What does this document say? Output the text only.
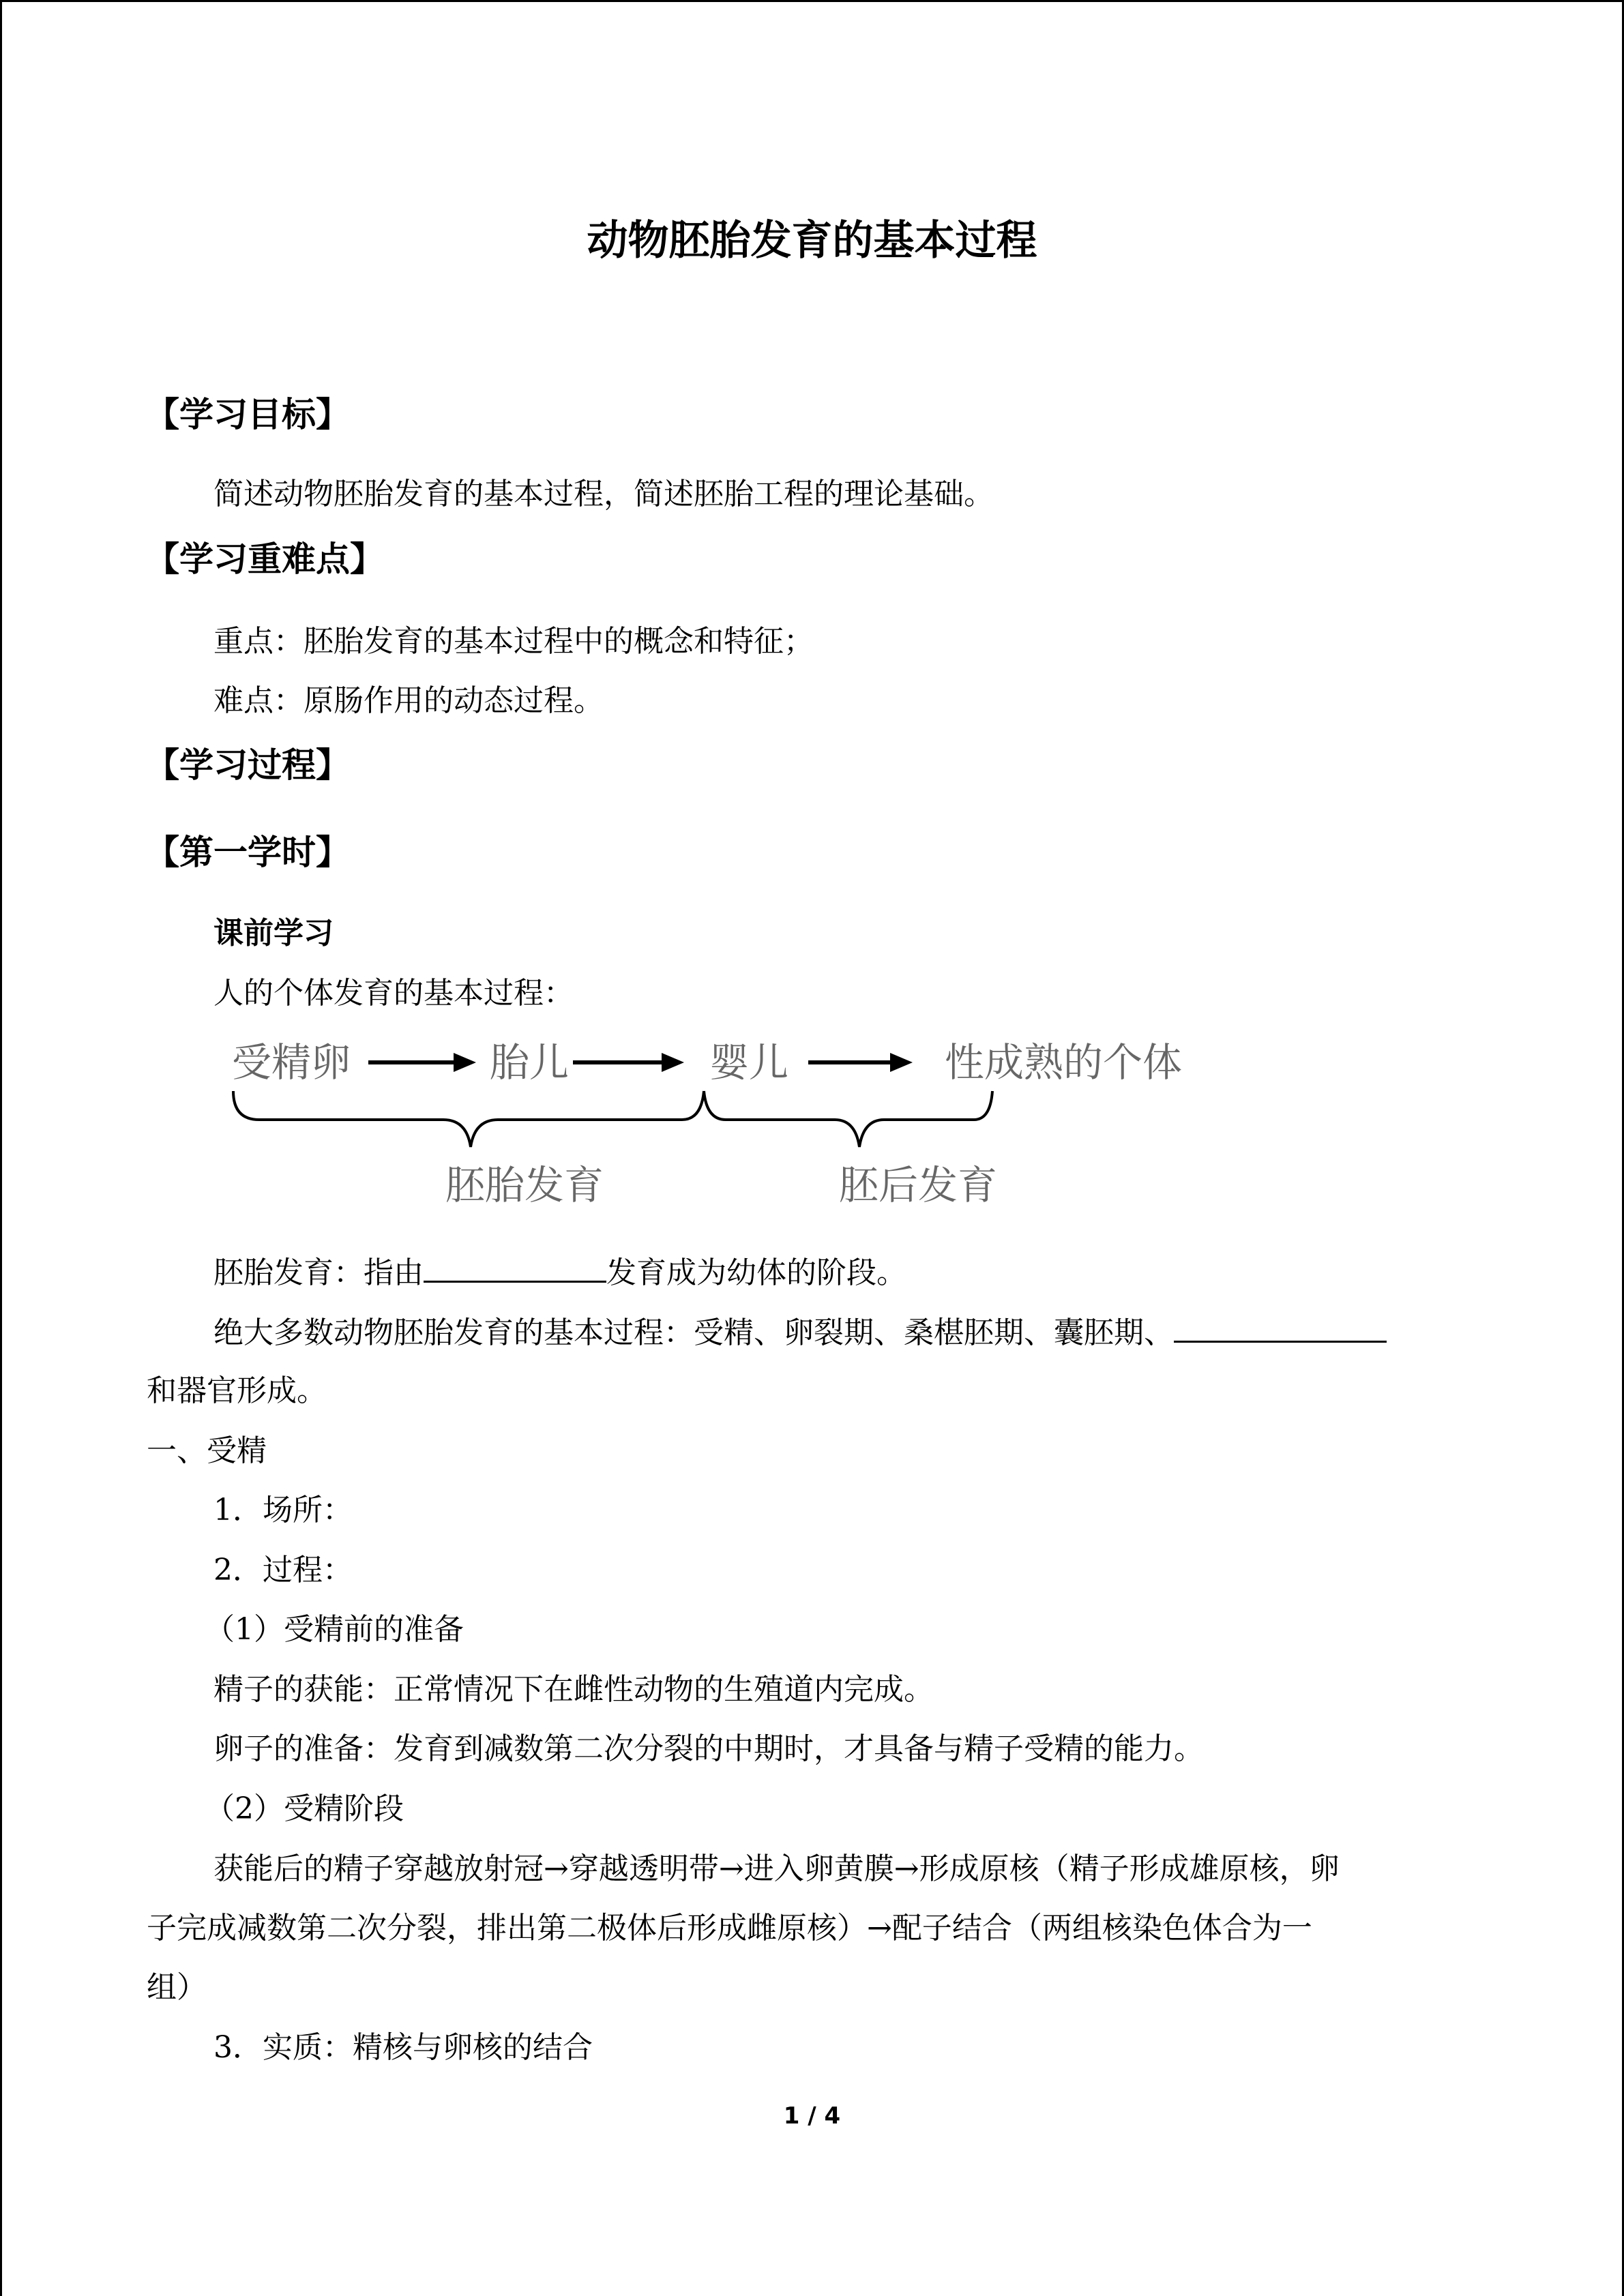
动物胚胎发育的基本过程
【学习目标】
简述动物胚胎发育的基本过程，简述胚胎工程的理论基础。
【学习重难点】
重点：胚胎发育的基本过程中的概念和特征；
难点：原肠作用的动态过程。
【学习过程】
【第一学时】
课前学习
人的个体发育的基本过程：
受精卵	胎儿	婴儿	性成熟的个体
胚胎发育	胚后发育
胚胎发育：指由	发育成为幼体的阶段。
绝大多数动物胚胎发育的基本过程：受精、卵裂期、桑椹胚期、囊胚期、
和器官形成。
一、受精
1．场所：
2．过程：
（1）受精前的准备
精子的获能：正常情况下在雌性动物的生殖道内完成。
卵子的准备：发育到减数第二次分裂的中期时，才具备与精子受精的能力。
（2）受精阶段
获能后的精子穿越放射冠→穿越透明带→进入卵黄膜→形成原核（精子形成雄原核，卵
子完成减数第二次分裂，排出第二极体后形成雌原核）→配子结合（两组核染色体合为一
组）
3．实质：精核与卵核的结合
1 / 4
